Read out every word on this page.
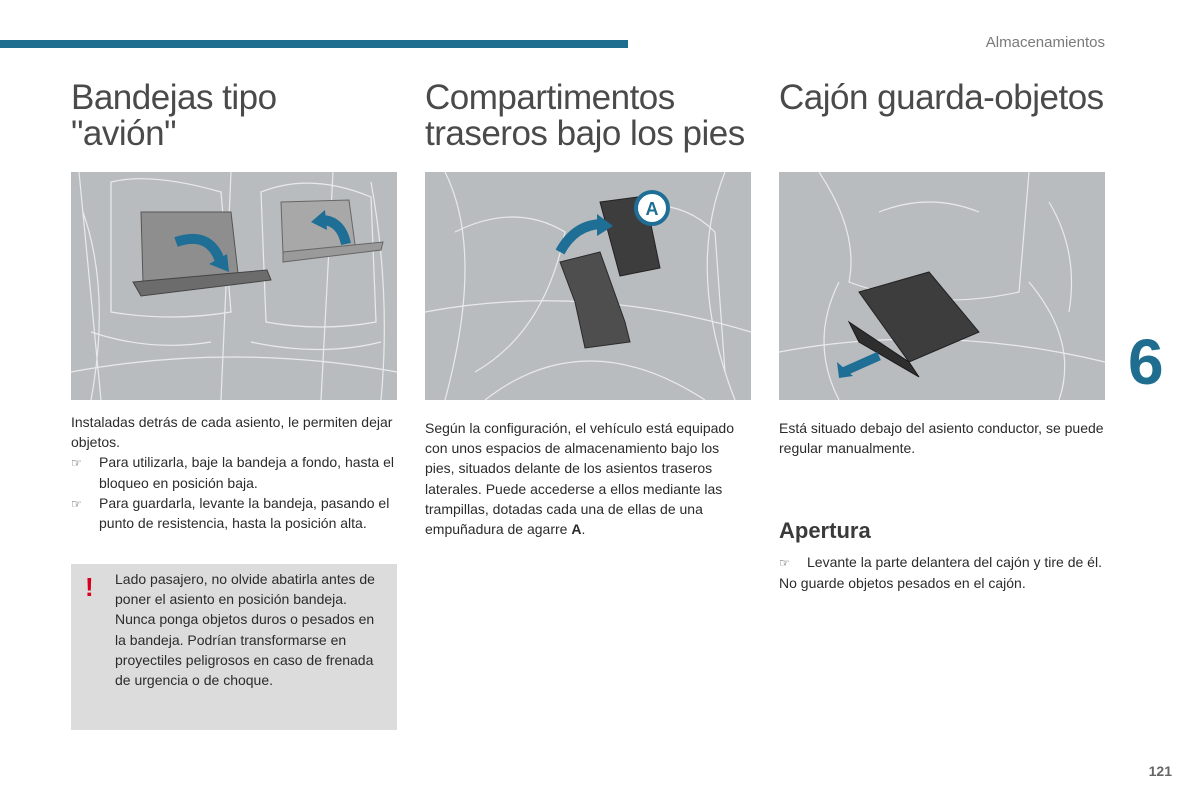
Almacenamientos
6
121
Bandejas tipo
"avión"

Instaladas detrás de cada asiento, le permiten dejar objetos.

☞	Para utilizarla, baje la bandeja a fondo, hasta el bloqueo en posición baja.
☞	Para guardarla, levante la bandeja, pasando el punto de resistencia, hasta la posición alta.
! Lado pasajero, no olvide abatirla antes de poner el asiento en posición bandeja.

Nunca ponga objetos duros o pesados en la bandeja. Podrían transformarse en proyectiles peligrosos en caso de frenada de urgencia o de choque.

Compartimentos
traseros bajo los pies
A

Según la configuración, el vehículo está equipado con unos espacios de almacenamiento bajo los pies, situados delante de los asientos traseros laterales. Puede accederse a ellos mediante las trampillas, dotadas cada una de ellas de una empuñadura de agarre A.

Cajón guarda-objetos

Está situado debajo del asiento conductor, se puede regular manualmente.

Apertura
☞	Levante la parte delantera del cajón y tire de él.

No guarde objetos pesados en el cajón.
